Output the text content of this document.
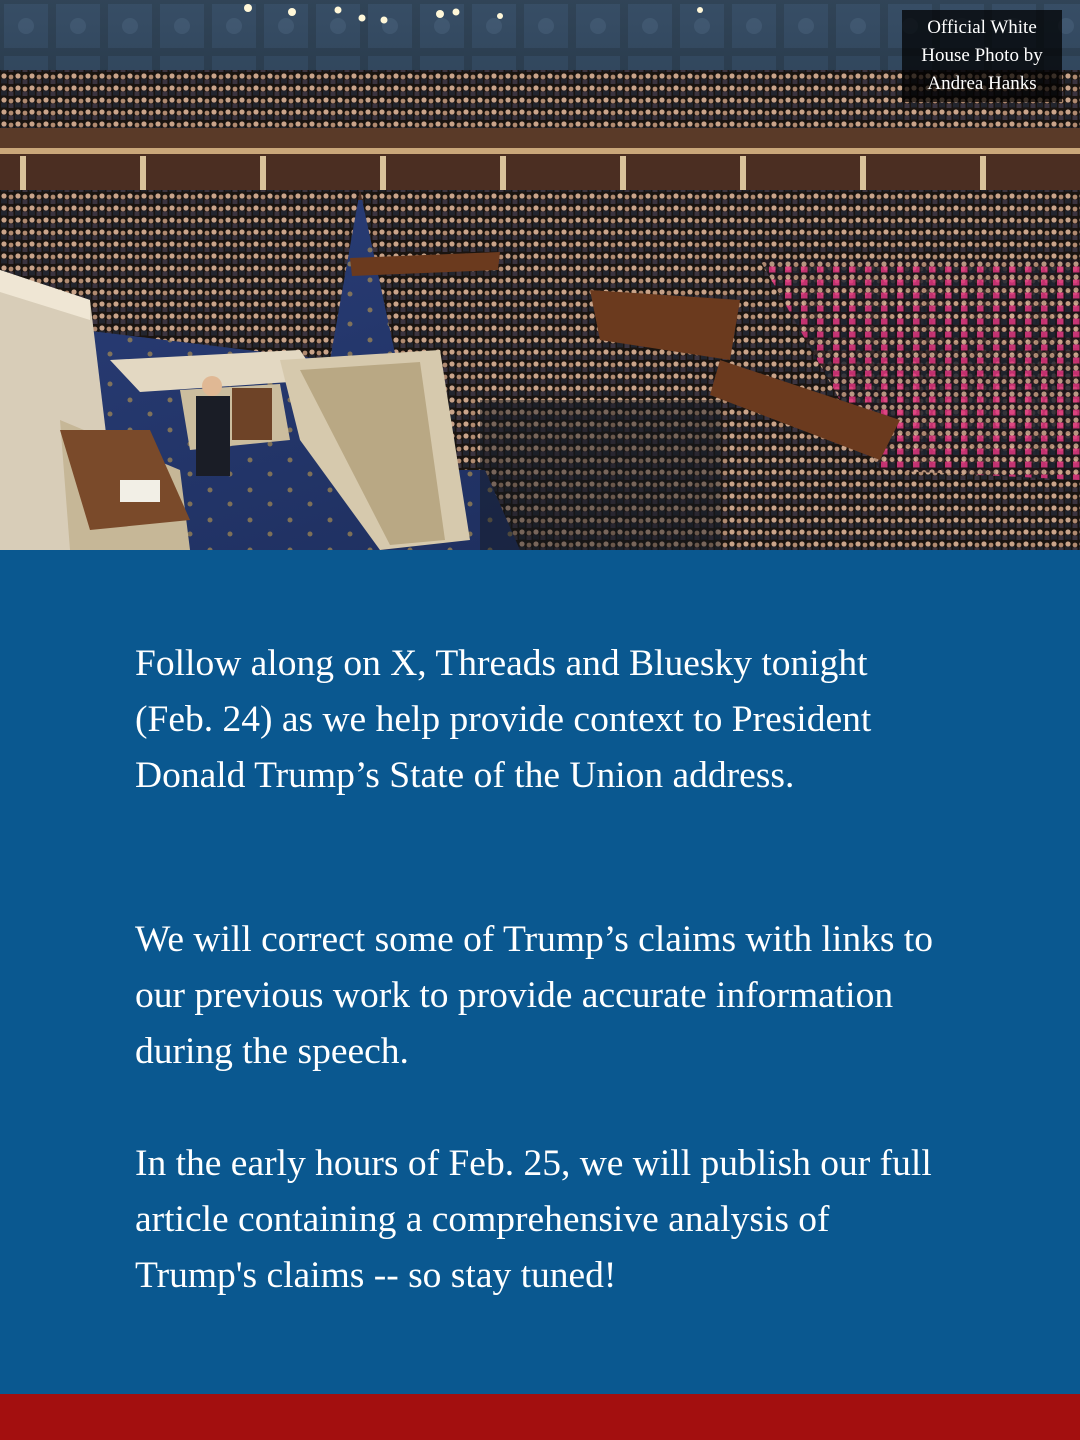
Official White House Photo by Andrea Hanks

Follow along on X, Threads and Bluesky tonight (Feb. 24) as we help provide context to President Donald Trump’s State of the Union address.

We will correct some of Trump’s claims with links to our previous work to provide accurate information during the speech.

In the early hours of Feb. 25, we will publish our full article containing a comprehensive analysis of Trump's claims -- so stay tuned!
